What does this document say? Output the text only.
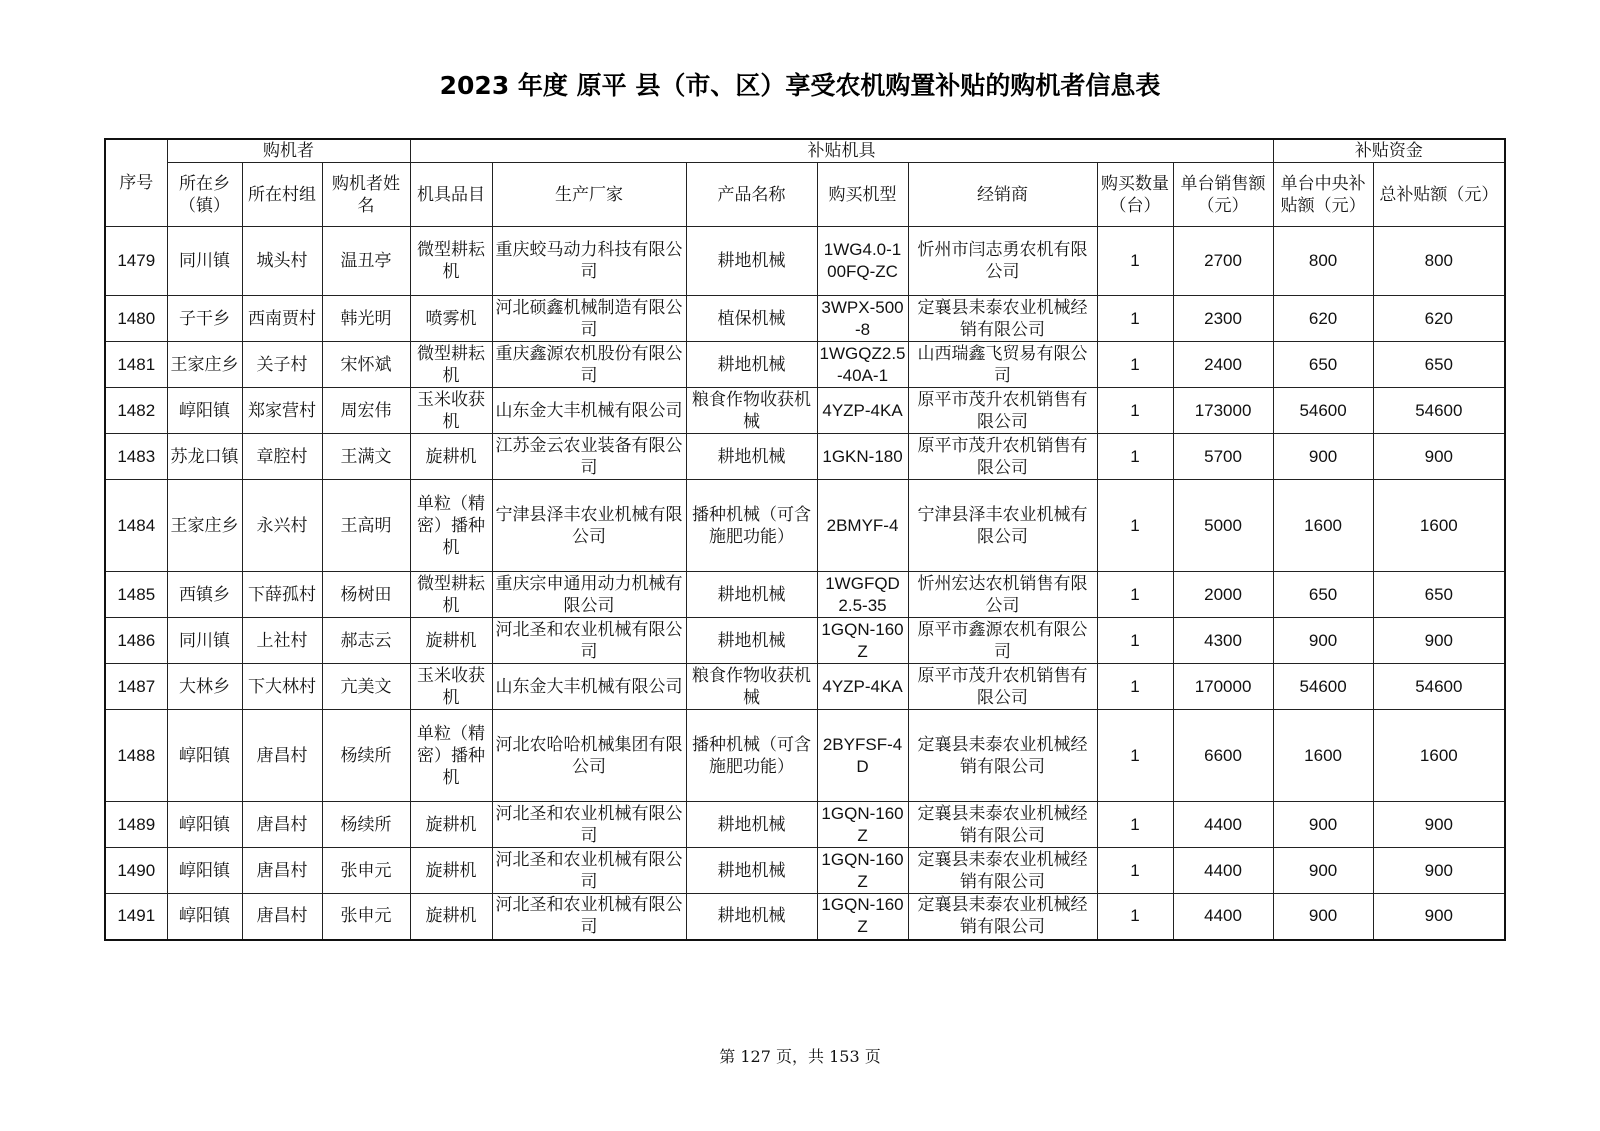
2023 年度 原平 县（市、区）享受农机购置补贴的购机者信息表
序号	购机者			补贴机具							补贴资金	
	所在乡（镇）	所在村组	购机者姓名	机具品目	生产厂家	产品名称	购买机型	经销商	购买数量（台）	单台销售额（元）	单台中央补贴额（元）	总补贴额（元）
1479	同川镇	城头村	温丑亭	微型耕耘机	重庆蛟马动力科技有限公司	耕地机械	1WG4.0-100FQ-ZC	忻州市闫志勇农机有限公司	1	2700	800	800
1480	子干乡	西南贾村	韩光明	喷雾机	河北硕鑫机械制造有限公司	植保机械	3WPX-500-8	定襄县耒泰农业机械经销有限公司	1	2300	620	620
1481	王家庄乡	关子村	宋怀斌	微型耕耘机	重庆鑫源农机股份有限公司	耕地机械	1WGQZ2.5-40A-1	山西瑞鑫飞贸易有限公司	1	2400	650	650
1482	崞阳镇	郑家营村	周宏伟	玉米收获机	山东金大丰机械有限公司	粮食作物收获机械	4YZP-4KA	原平市茂升农机销售有限公司	1	173000	54600	54600
1483	苏龙口镇	章腔村	王满文	旋耕机	江苏金云农业装备有限公司	耕地机械	1GKN-180	原平市茂升农机销售有限公司	1	5700	900	900
1484	王家庄乡	永兴村	王高明	单粒（精密）播种机	宁津县泽丰农业机械有限公司	播种机械（可含施肥功能）	2BMYF-4	宁津县泽丰农业机械有限公司	1	5000	1600	1600
1485	西镇乡	下薛孤村	杨树田	微型耕耘机	重庆宗申通用动力机械有限公司	耕地机械	1WGFQD2.5-35	忻州宏达农机销售有限公司	1	2000	650	650
1486	同川镇	上社村	郝志云	旋耕机	河北圣和农业机械有限公司	耕地机械	1GQN-160Z	原平市鑫源农机有限公司	1	4300	900	900
1487	大林乡	下大林村	亢美文	玉米收获机	山东金大丰机械有限公司	粮食作物收获机械	4YZP-4KA	原平市茂升农机销售有限公司	1	170000	54600	54600
1488	崞阳镇	唐昌村	杨续所	单粒（精密）播种机	河北农哈哈机械集团有限公司	播种机械（可含施肥功能）	2BYFSF-4D	定襄县耒泰农业机械经销有限公司	1	6600	1600	1600
1489	崞阳镇	唐昌村	杨续所	旋耕机	河北圣和农业机械有限公司	耕地机械	1GQN-160Z	定襄县耒泰农业机械经销有限公司	1	4400	900	900
1490	崞阳镇	唐昌村	张申元	旋耕机	河北圣和农业机械有限公司	耕地机械	1GQN-160Z	定襄县耒泰农业机械经销有限公司	1	4400	900	900
1491	崞阳镇	唐昌村	张申元	旋耕机	河北圣和农业机械有限公司	耕地机械	1GQN-160Z	定襄县耒泰农业机械经销有限公司	1	4400	900	900
第 127 页，共 153 页
